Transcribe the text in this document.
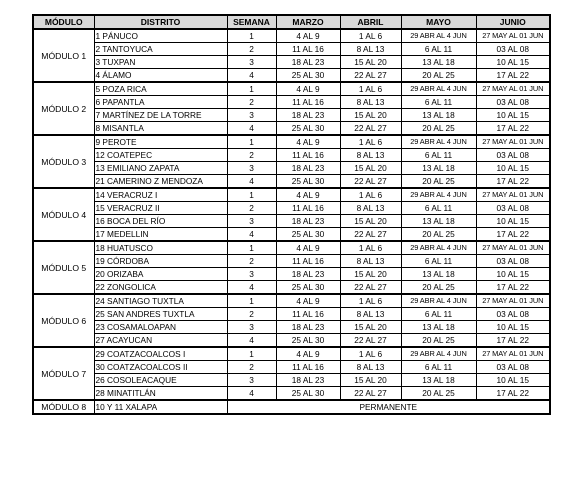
MÓDULO	DISTRITO	SEMANA	MARZO	ABRIL	MAYO	JUNIO
MÓDULO 1	1 PÁNUCO	1	4 AL 9	1 AL 6	29 ABR AL 4 JUN	27 MAY AL 01 JUN
	2 TANTOYUCA	2	11 AL 16	8 AL 13	6 AL 11	03 AL 08
	3 TUXPAN	3	18 AL 23	15 AL 20	13 AL 18	10 AL 15
	4 ÁLAMO	4	25 AL 30	22 AL 27	20 AL 25	17 AL 22
MÓDULO 2	5 POZA RICA	1	4 AL 9	1 AL 6	29 ABR AL 4 JUN	27 MAY AL 01 JUN
	6 PAPANTLA	2	11 AL 16	8 AL 13	6 AL 11	03 AL 08
	7 MARTÍNEZ DE LA TORRE	3	18 AL 23	15 AL 20	13 AL 18	10 AL 15
	8 MISANTLA	4	25 AL 30	22 AL 27	20 AL 25	17 AL 22
MÓDULO 3	9 PEROTE	1	4 AL 9	1 AL 6	29 ABR AL 4 JUN	27 MAY AL 01 JUN
	12 COATEPEC	2	11 AL 16	8 AL 13	6 AL 11	03 AL 08
	13 EMILIANO ZAPATA	3	18 AL 23	15 AL 20	13 AL 18	10 AL 15
	21 CAMERINO Z MENDOZA	4	25 AL 30	22 AL 27	20 AL 25	17 AL 22
MÓDULO 4	14 VERACRUZ I	1	4 AL 9	1 AL 6	29 ABR AL 4 JUN	27 MAY AL 01 JUN
	15 VERACRUZ II	2	11 AL 16	8 AL 13	6 AL 11	03 AL 08
	16 BOCA DEL RÍO	3	18 AL 23	15 AL 20	13 AL 18	10 AL 15
	17 MEDELLIN	4	25 AL 30	22 AL 27	20 AL 25	17 AL 22
MÓDULO 5	18 HUATUSCO	1	4 AL 9	1 AL 6	29 ABR AL 4 JUN	27 MAY AL 01 JUN
	19 CÓRDOBA	2	11 AL 16	8 AL 13	6 AL 11	03 AL 08
	20 ORIZABA	3	18 AL 23	15 AL 20	13 AL 18	10 AL 15
	22 ZONGOLICA	4	25 AL 30	22 AL 27	20 AL 25	17 AL 22
MÓDULO 6	24 SANTIAGO TUXTLA	1	4 AL 9	1 AL 6	29 ABR AL 4 JUN	27 MAY AL 01 JUN
	25 SAN ANDRES TUXTLA	2	11 AL 16	8 AL 13	6 AL 11	03 AL 08
	23 COSAMALOAPAN	3	18 AL 23	15 AL 20	13 AL 18	10 AL 15
	27 ACAYUCAN	4	25 AL 30	22 AL 27	20 AL 25	17 AL 22
MÓDULO 7	29 COATZACOALCOS I	1	4 AL 9	1 AL 6	29 ABR AL 4 JUN	27 MAY AL 01 JUN
	30 COATZACOALCOS II	2	11 AL 16	8 AL 13	6 AL 11	03 AL 08
	26 COSOLEACAQUE	3	18 AL 23	15 AL 20	13 AL 18	10 AL 15
	28 MINATITLÁN	4	25 AL 30	22 AL 27	20 AL 25	17 AL 22
MÓDULO 8	10 Y 11 XALAPA	PERMANENTE				
